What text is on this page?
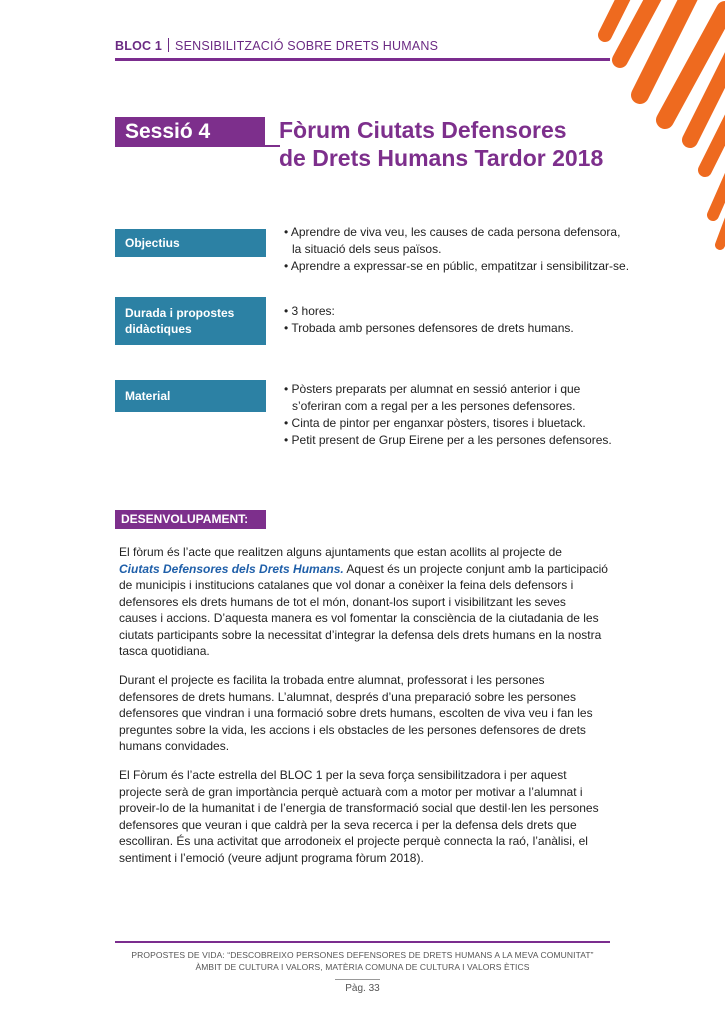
BLOC 1 SENSIBILITZACIÓ SOBRE DRETS HUMANS
Sessió 4	Fòrum Ciutats Defensores
de Drets Humans Tardor 2018
Objectius
• Aprendre de viva veu, les causes de cada persona defensora,
la situació dels seus països.
• Aprendre a expressar-se en públic, empatitzar i sensibilitzar-se.
Durada i propostes
didàctiques
• 3 hores:
• Trobada amb persones defensores de drets humans.
Material	• Pòsters preparats per alumnat en sessió anterior i que
s’oferiran com a regal per a les persones defensores.
• Cinta de pintor per enganxar pòsters, tisores i bluetack.
• Petit present de Grup Eirene per a les persones defensores.
DESENVOLUPAMENT:
El fòrum és l’acte que realitzen alguns ajuntaments que estan acollits al projecte de
Ciutats Defensores dels Drets Humans. Aquest és un projecte conjunt amb la participació
de municipis i institucions catalanes que vol donar a conèixer la feina dels defensors i
defensores els drets humans de tot el món, donant-los suport i visibilitzant les seves
causes i accions. D’aquesta manera es vol fomentar la consciència de la ciutadania de les
ciutats participants sobre la necessitat d’integrar la defensa dels drets humans en la nostra
tasca quotidiana.
Durant el projecte es facilita la trobada entre alumnat, professorat i les persones
defensores de drets humans. L’alumnat, després d’una preparació sobre les persones
defensores que vindran i una formació sobre drets humans, escolten de viva veu i fan les
preguntes sobre la vida, les accions i els obstacles de les persones defensores de drets
humans convidades.
El Fòrum és l’acte estrella del BLOC 1 per la seva força sensibilitzadora i per aquest
projecte serà de gran importància perquè actuarà com a motor per motivar a l’alumnat i
proveir-lo de la humanitat i de l’energia de transformació social que destil·len les persones
defensores que veuran i que caldrà per la seva recerca i per la defensa dels drets que
escolliran. És una activitat que arrodoneix el projecte perquè connecta la raó, l’anàlisi, el
sentiment i l’emoció (veure adjunt programa fòrum 2018).
PROPOSTES DE VIDA: “DESCOBREIXO PERSONES DEFENSORES DE DRETS HUMANS A LA MEVA COMUNITAT”
ÀMBIT DE CULTURA I VALORS, MATÈRIA COMUNA DE CULTURA I VALORS ÈTICS
Pàg. 33
